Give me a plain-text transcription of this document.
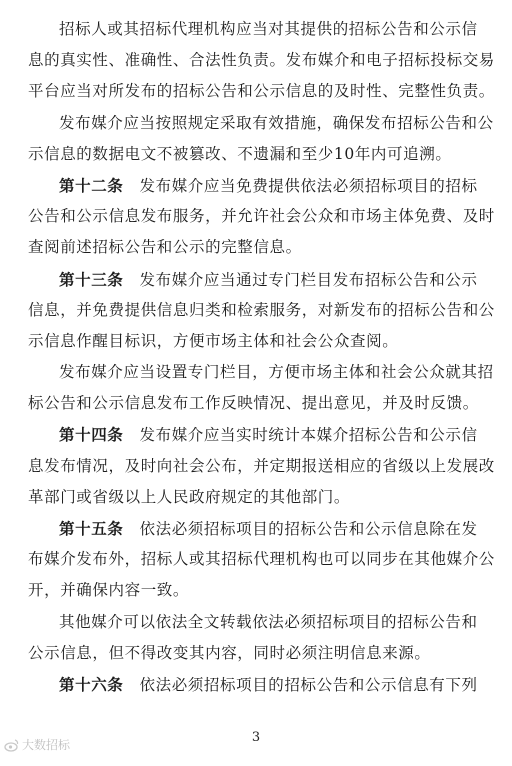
招标人或其招标代理机构应当对其提供的招标公告和公示信
息的真实性、准确性、合法性负责。发布媒介和电子招标投标交易
平台应当对所发布的招标公告和公示信息的及时性、完整性负责。
发布媒介应当按照规定采取有效措施，确保发布招标公告和公
示信息的数据电文不被篡改、不遗漏和至少10年内可追溯。
第十二条　发布媒介应当免费提供依法必须招标项目的招标
公告和公示信息发布服务，并允许社会公众和市场主体免费、及时
查阅前述招标公告和公示的完整信息。
第十三条　发布媒介应当通过专门栏目发布招标公告和公示
信息，并免费提供信息归类和检索服务，对新发布的招标公告和公
示信息作醒目标识，方便市场主体和社会公众查阅。
发布媒介应当设置专门栏目，方便市场主体和社会公众就其招
标公告和公示信息发布工作反映情况、提出意见，并及时反馈。
第十四条　发布媒介应当实时统计本媒介招标公告和公示信
息发布情况，及时向社会公布，并定期报送相应的省级以上发展改
革部门或省级以上人民政府规定的其他部门。
第十五条　依法必须招标项目的招标公告和公示信息除在发
布媒介发布外，招标人或其招标代理机构也可以同步在其他媒介公
开，并确保内容一致。
其他媒介可以依法全文转载依法必须招标项目的招标公告和
公示信息，但不得改变其内容，同时必须注明信息来源。
第十六条　依法必须招标项目的招标公告和公示信息有下列
3
大数招标
